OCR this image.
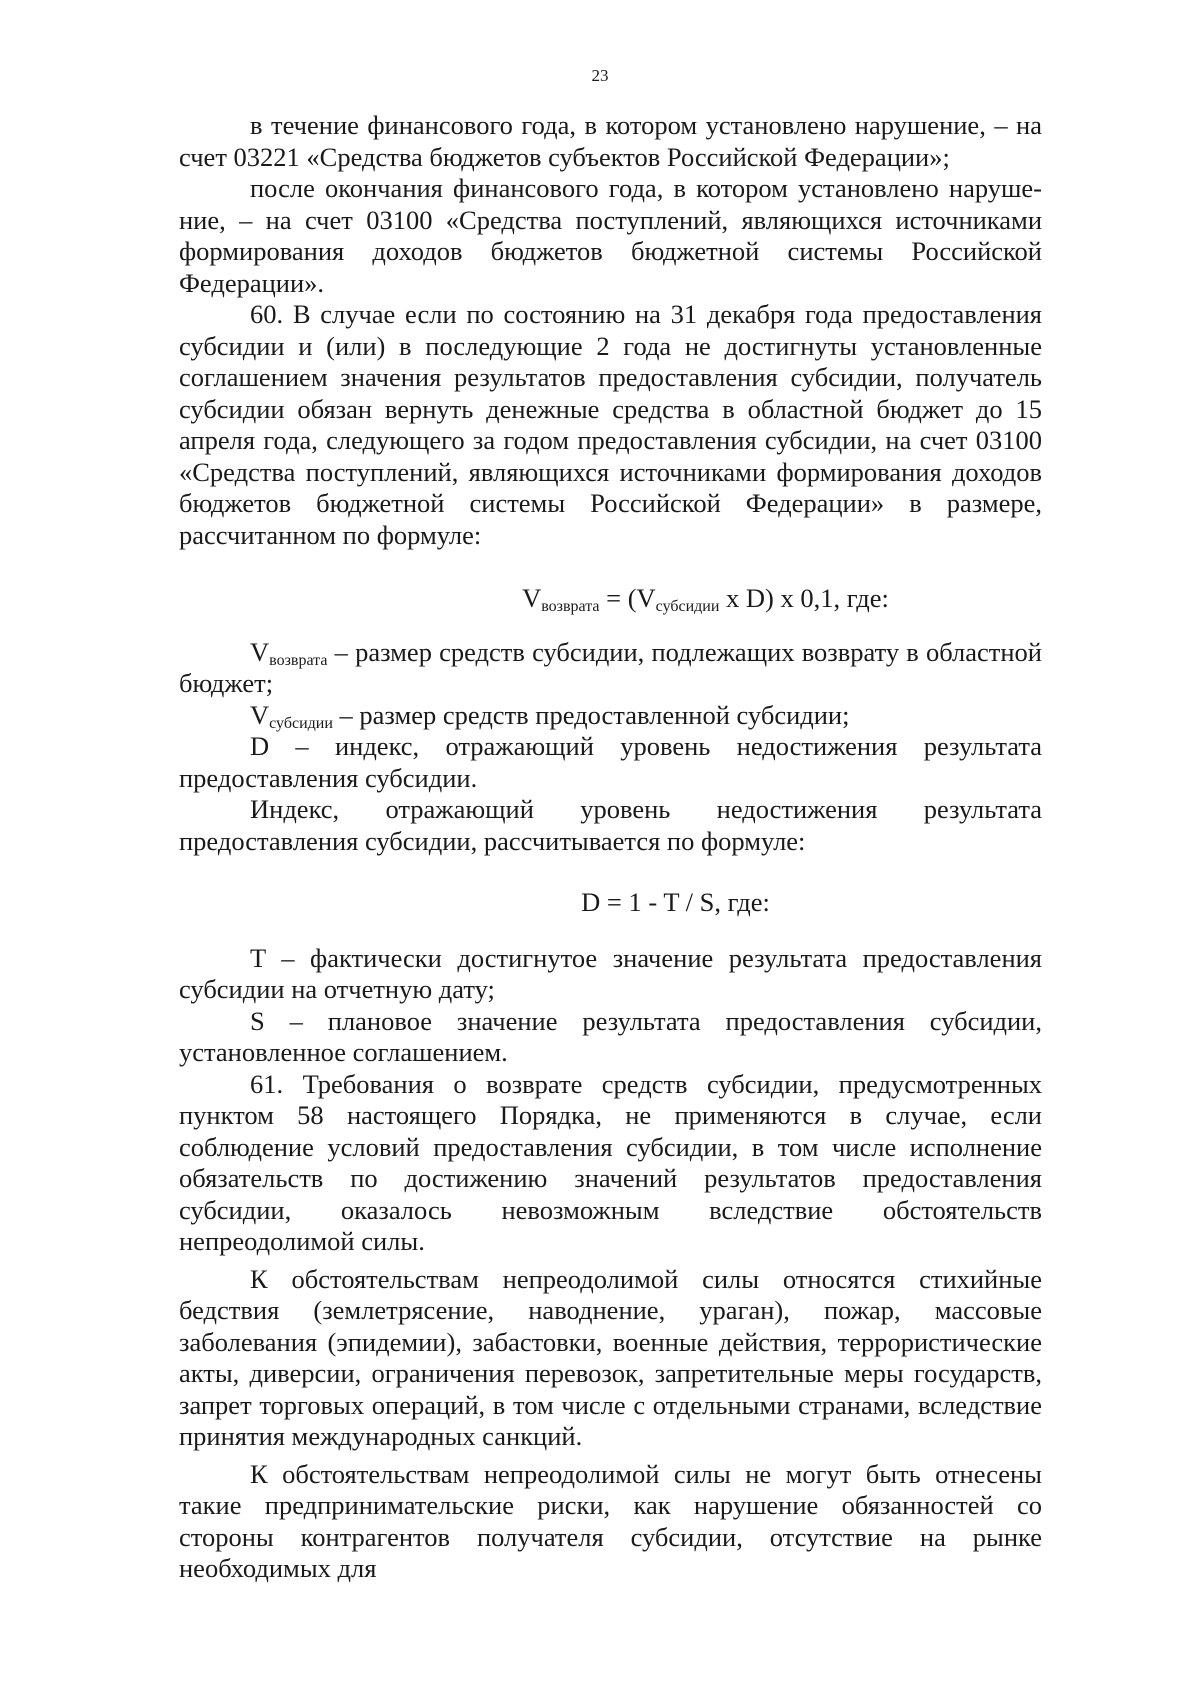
23

в течение финансового года, в котором установлено нарушение, – на счет 03221 «Средства бюджетов субъектов Российской Федерации»;

после окончания финансового года, в котором установлено наруше-ние, – на счет 03100 «Средства поступлений, являющихся источниками формирования доходов бюджетов бюджетной системы Российской Федерации».

60. В случае если по состоянию на 31 декабря года предоставления субсидии и (или) в последующие 2 года не достигнуты установленные соглашением значения результатов предоставления субсидии, получатель субсидии обязан вернуть денежные средства в областной бюджет до 15 апреля года, следующего за годом предоставления субсидии, на счет 03100 «Средства поступлений, являющихся источниками формирования доходов бюджетов бюджетной системы Российской Федерации» в размере, рассчитанном по формуле:

$V_{возврата} = (V_{субсидии}$ x D) x 0,1, где:

$V_{возврата}$ – размер средств субсидии, подлежащих возврату в областной бюджет;

$V_{субсидии}$ – размер средств предоставленной субсидии;

D – индекс, отражающий уровень недостижения результата предоставления субсидии.

Индекс, отражающий уровень недостижения результата предоставления субсидии, рассчитывается по формуле:

D = 1 - T / S, где:

T – фактически достигнутое значение результата предоставления субсидии на отчетную дату;

S – плановое значение результата предоставления субсидии, установленное соглашением.

61. Требования о возврате средств субсидии, предусмотренных пунктом 58 настоящего Порядка, не применяются в случае, если соблюдение условий предоставления субсидии, в том числе исполнение обязательств по достижению значений результатов предоставления субсидии, оказалось невозможным вследствие обстоятельств непреодолимой силы.

К обстоятельствам непреодолимой силы относятся стихийные бедствия (землетрясение, наводнение, ураган), пожар, массовые заболевания (эпидемии), забастовки, военные действия, террористические акты, диверсии, ограничения перевозок, запретительные меры государств, запрет торговых операций, в том числе с отдельными странами, вследствие принятия международных санкций.

К обстоятельствам непреодолимой силы не могут быть отнесены такие предпринимательские риски, как нарушение обязанностей со стороны контрагентов получателя субсидии, отсутствие на рынке необходимых для
